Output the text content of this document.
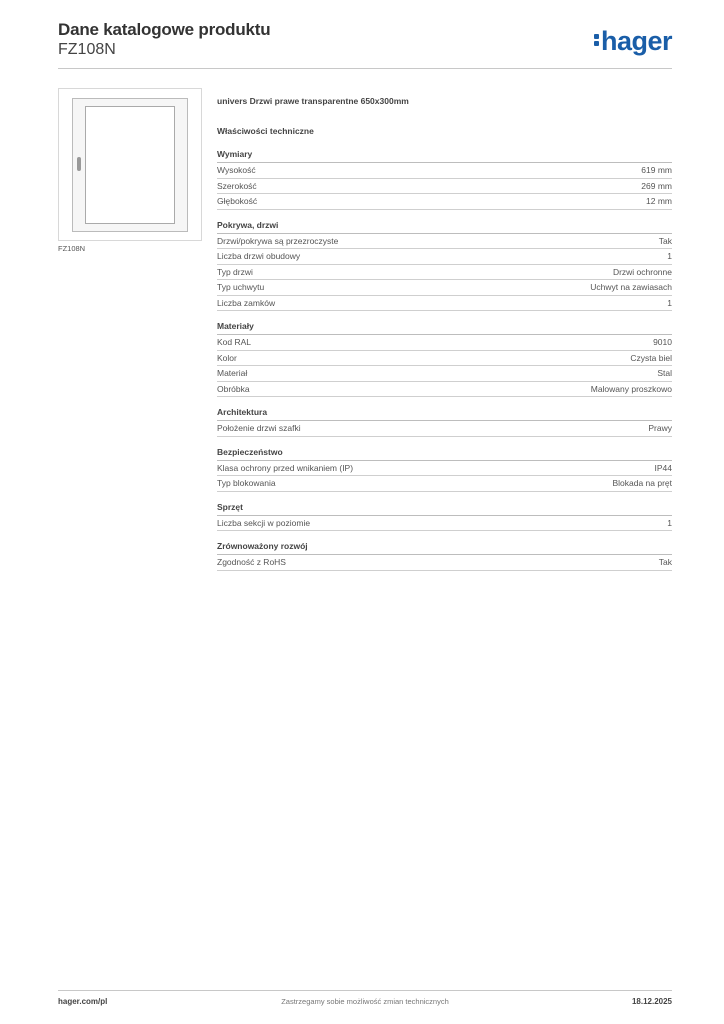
Dane katalogowe produktu
FZ108N	hager
FZ108N
univers Drzwi prawe transparentne 650x300mm
Właściwości techniczne
Wymiary
Wysokość	619 mm
Szerokość	269 mm
Głębokość	12 mm
Pokrywa, drzwi
Drzwi/pokrywa są przezroczyste	Tak
Liczba drzwi obudowy	1
Typ drzwi	Drzwi ochronne
Typ uchwytu	Uchwyt na zawiasach
Liczba zamków	1
Materiały
Kod RAL	9010
Kolor	Czysta biel
Materiał	Stal
Obróbka	Malowany proszkowo
Architektura
Położenie drzwi szafki	Prawy
Bezpieczeństwo
Klasa ochrony przed wnikaniem (IP)	IP44
Typ blokowania	Blokada na pręt
Sprzęt
Liczba sekcji w poziomie	1
Zrównoważony rozwój
Zgodność z RoHS	Tak
hager.com/pl	Zastrzegamy sobie możliwość zmian technicznych	18.12.2025
